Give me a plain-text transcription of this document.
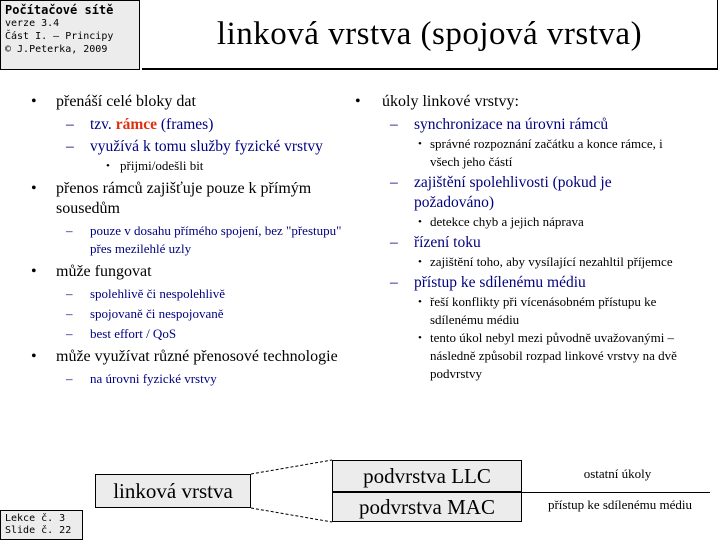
Počítačové sítě
verze 3.4
Část I. – Principy
© J.Peterka, 2009	linková vrstva (spojová vrstva)
• přenáší celé bloky dat
– tzv. rámce (frames)
– využívá k tomu služby fyzické vrstvy
• přijmi/odešli bit
• přenos rámců zajišťuje pouze k přímým sousedům
– pouze v dosahu přímého spojení, bez "přestupu" přes mezilehlé uzly
• může fungovat
– spolehlivě či nespolehlivě
– spojovaně či nespojovaně
– best effort / QoS
• může využívat různé přenosové technologie
– na úrovni fyzické vrstvy
• úkoly linkové vrstvy:
– synchronizace na úrovni rámců
• správné rozpoznání začátku a konce rámce, i všech jeho částí
– zajištění spolehlivosti (pokud je požadováno)
• detekce chyb a jejich náprava
– řízení toku
• zajištění toho, aby vysílající nezahltil příjemce
– přístup ke sdílenému médiu
• řeší konflikty při vícenásobném přístupu ke sdílenému médiu
• tento úkol nebyl mezi původně uvažovanými – následně způsobil rozpad linkové vrstvy na dvě podvrstvy
linková vrstva
podvrstva LLC
podvrstva MAC
ostatní úkoly
přístup ke sdílenému médiu
Lekce č. 3
Slide č. 22
